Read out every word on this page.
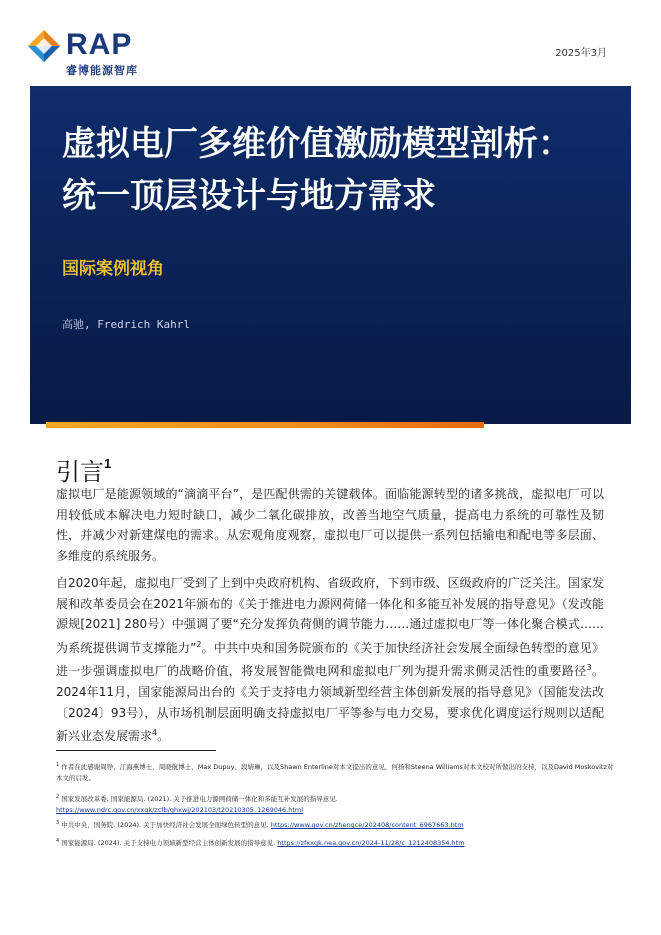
RAP
睿博能源智库
2025年3月
虚拟电厂多维价值激励模型剖析：统一顶层设计与地方需求
国际案例视角
高驰, Fredrich Kahrl
引言$^1$
虚拟电厂是能源领域的“滴滴平台”，是匹配供需的关键载体。面临能源转型的诸多挑战，虚拟电厂可以用较低成本解决电力短时缺口，减少二氧化碳排放，改善当地空气质量，提高电力系统的可靠性及韧性，并减少对新建煤电的需求。从宏观角度观察，虚拟电厂可以提供一系列包括输电和配电等多层面、多维度的系统服务。
自2020年起，虚拟电厂受到了上到中央政府机构、省级政府，下到市级、区级政府的广泛关注。国家发展和改革委员会在2021年颁布的《关于推进电力源网荷储一体化和多能互补发展的指导意见》（发改能源规[2021] 280号）中强调了要“充分发挥负荷侧的调节能力……通过虚拟电厂等一体化聚合模式……为系统提供调节支撑能力”$^2$。中共中央和国务院颁布的《关于加快经济社会发展全面绿色转型的意见》进一步强调虚拟电厂的战略价值，将发展智能微电网和虚拟电厂列为提升需求侧灵活性的重要路径$^3$。2024年11月，国家能源局出台的《关于支持电力领域新型经营主体创新发展的指导意见》（国能发法改〔2024〕93号），从市场机制层面明确支持虚拟电厂平等参与电力交易，要求优化调度运行规则以适配新兴业态发展需求$^4$。
$^1$ 作者在此感谢周铮、江海燕博士、周晓航博士、Max Dupuy、段婧琳，以及Shawn Enterline对本文提出的意见，何扬和Steena Williams对本文校对所做出的支持，以及David Moskovitz对本文的启发。
$^2$ 国家发展改革委, 国家能源局. (2021). 关于推进电力源网荷储一体化和多能互补发展的指导意见.
https://www.ndrc.gov.cn/xxgk/zcfb/ghxwj/202103/t20210305_1269046.html
$^3$ 中共中央，国务院. (2024). 关于加快经济社会发展全面绿色转型的意见. https://www.gov.cn/zhengce/202408/content_6967663.htm
$^4$ 国家能源局. (2024). 关于支持电力领域新型经营主体创新发展的指导意见. https://zfxxgk.nea.gov.cn/2024-11/28/c_1212408354.htm
